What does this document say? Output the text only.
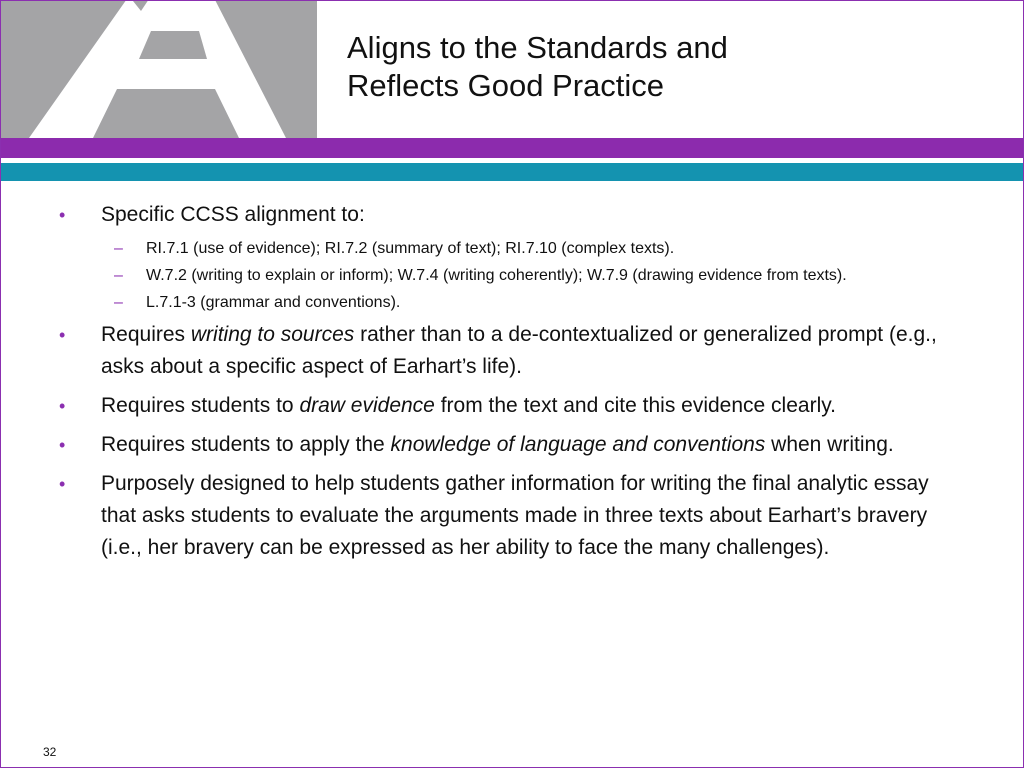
Aligns to the Standards and
Reflects Good Practice
• Specific CCSS alignment to:
– RI.7.1 (use of evidence); RI.7.2 (summary of text); RI.7.10 (complex texts).
– W.7.2 (writing to explain or inform); W.7.4 (writing coherently); W.7.9 (drawing evidence from texts).
– L.7.1-3 (grammar and conventions).
• Requires writing to sources rather than to a de-contextualized or generalized prompt (e.g., asks about a specific aspect of Earhart’s life).
• Requires students to draw evidence from the text and cite this evidence clearly.
• Requires students to apply the knowledge of language and conventions when writing.
• Purposely designed to help students gather information for writing the final analytic essay that asks students to evaluate the arguments made in three texts about Earhart’s bravery (i.e., her bravery can be expressed as her ability to face the many challenges).
32
